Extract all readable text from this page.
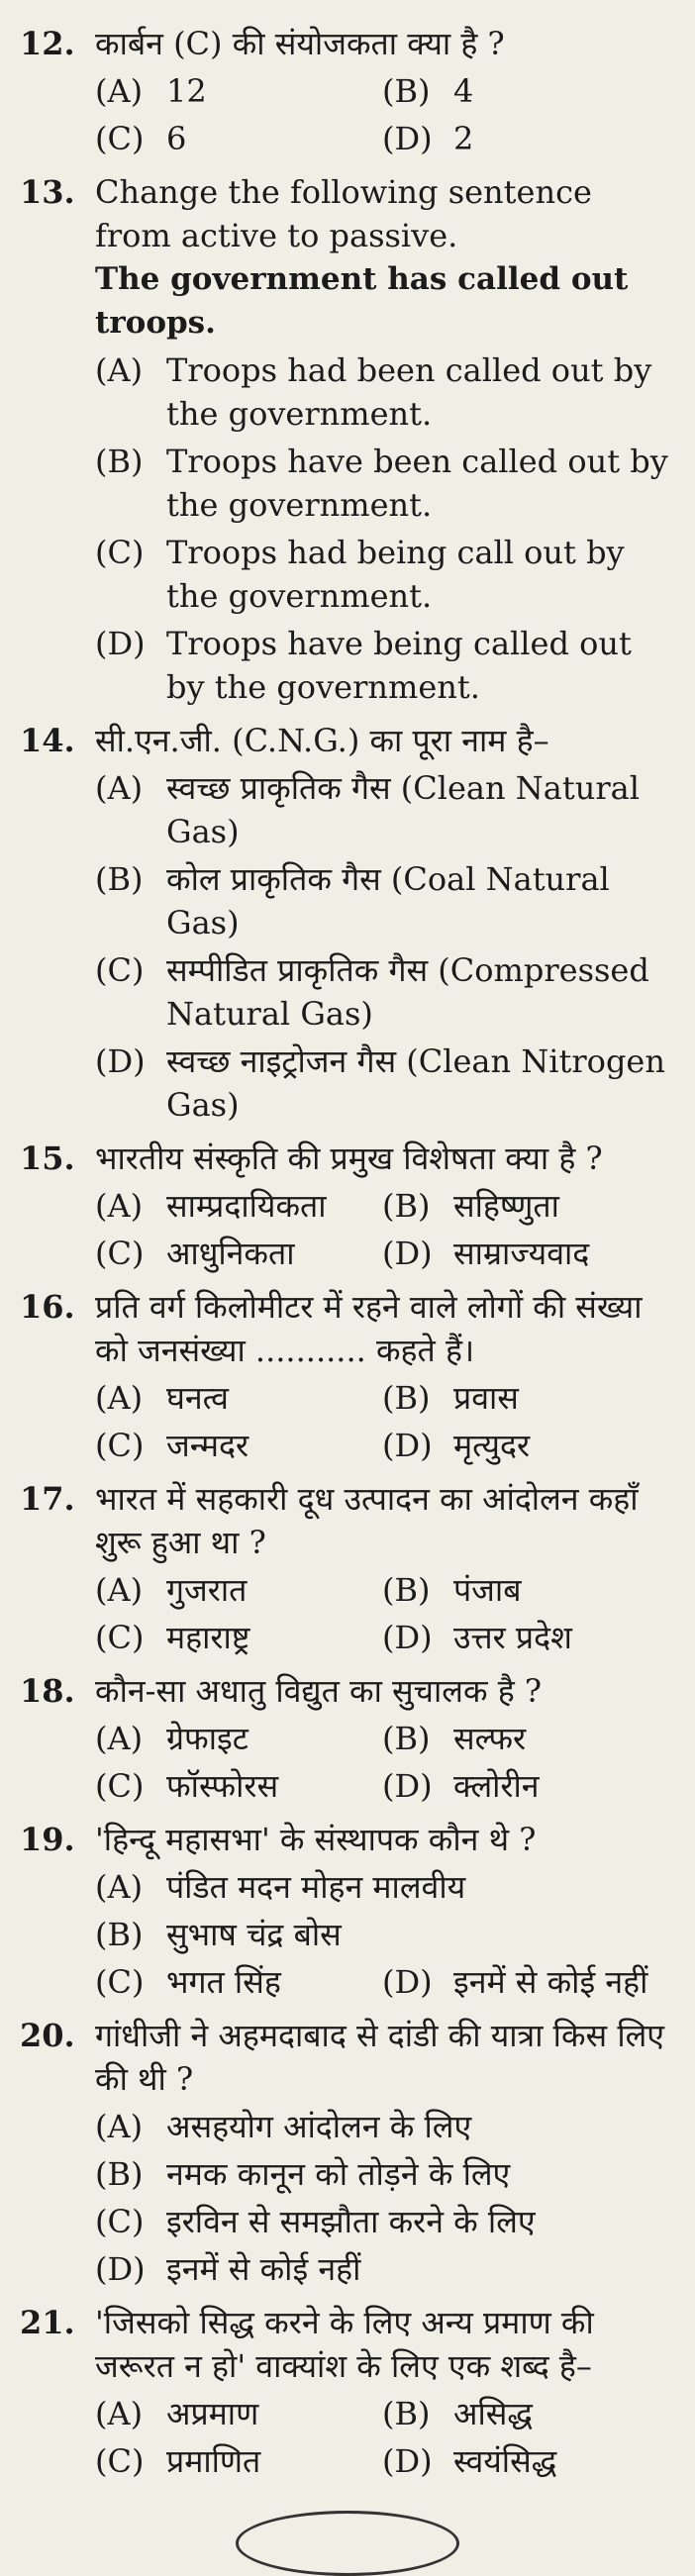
12. कार्बन (C) की संयोजकता क्या है ?
(A) 12	(B) 4
(C) 6	(D) 2
13. Change the following sentence from active to passive.
The government has called out troops.
(A) Troops had been called out by the government.
(B) Troops have been called out by the government.
(C) Troops had being call out by the government.
(D) Troops have being called out by the government.
14. सी.एन.जी. (C.N.G.) का पूरा नाम है–
(A) स्वच्छ प्राकृतिक गैस (Clean Natural Gas)
(B) कोल प्राकृतिक गैस (Coal Natural Gas)
(C) सम्पीडित प्राकृतिक गैस (Compressed Natural Gas)
(D) स्वच्छ नाइट्रोजन गैस (Clean Nitrogen Gas)
15. भारतीय संस्कृति की प्रमुख विशेषता क्या है ?
(A) साम्प्रदायिकता	(B) सहिष्णुता
(C) आधुनिकता	(D) साम्राज्यवाद
16. प्रति वर्ग किलोमीटर में रहने वाले लोगों की संख्या को जनसंख्या ........... कहते हैं।
(A) घनत्व	(B) प्रवास
(C) जन्मदर	(D) मृत्युदर
17. भारत में सहकारी दूध उत्पादन का आंदोलन कहाँ शुरू हुआ था ?
(A) गुजरात	(B) पंजाब
(C) महाराष्ट्र	(D) उत्तर प्रदेश
18. कौन-सा अधातु विद्युत का सुचालक है ?
(A) ग्रेफाइट	(B) सल्फर
(C) फॉस्फोरस	(D) क्लोरीन
19. 'हिन्दू महासभा' के संस्थापक कौन थे ?
(A) पंडित मदन मोहन मालवीय
(B) सुभाष चंद्र बोस
(C) भगत सिंह	(D) इनमें से कोई नहीं
20. गांधीजी ने अहमदाबाद से दांडी की यात्रा किस लिए की थी ?
(A) असहयोग आंदोलन के लिए
(B) नमक कानून को तोड़ने के लिए
(C) इरविन से समझौता करने के लिए
(D) इनमें से कोई नहीं
21. 'जिसको सिद्ध करने के लिए अन्य प्रमाण की जरूरत न हो' वाक्यांश के लिए एक शब्द है–
(A) अप्रमाण	(B) असिद्ध
(C) प्रमाणित	(D) स्वयंसिद्ध
